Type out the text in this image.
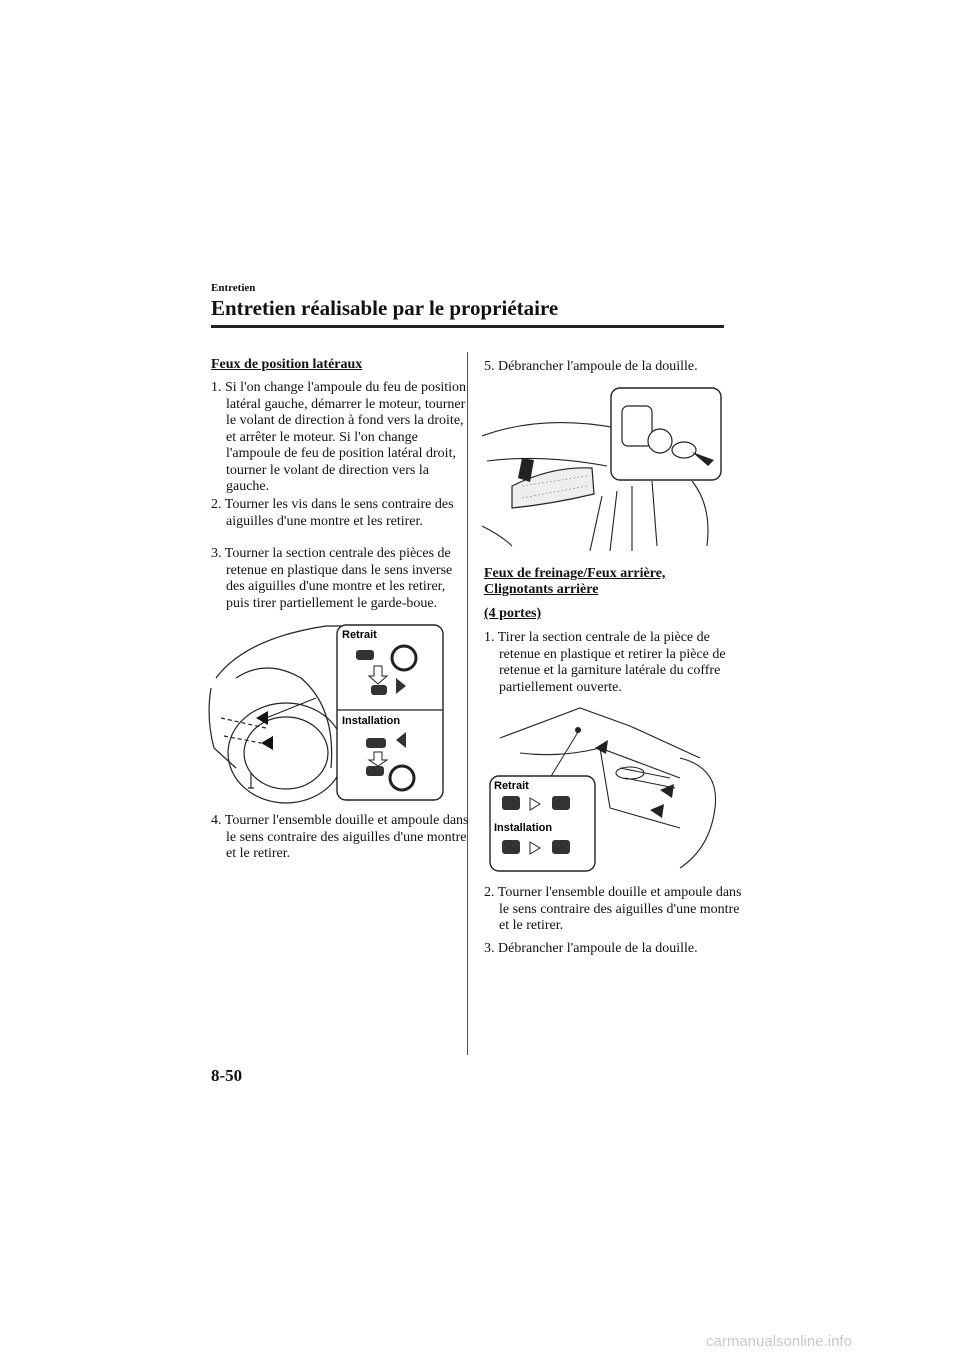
Entretien
Entretien réalisable par le propriétaire
Feux de position latéraux
1. Si l'on change l'ampoule du feu de position latéral gauche, démarrer le moteur, tourner le volant de direction à fond vers la droite, et arrêter le moteur. Si l'on change l'ampoule de feu de position latéral droit, tourner le volant de direction vers la gauche.
2. Tourner les vis dans le sens contraire des aiguilles d'une montre et les retirer.
3. Tourner la section centrale des pièces de retenue en plastique dans le sens inverse des aiguilles d'une montre et les retirer, puis tirer partiellement le garde-boue.
Retrait
Installation
4. Tourner l'ensemble douille et ampoule dans le sens contraire des aiguilles d'une montre et le retirer.
5. Débrancher l'ampoule de la douille.
Feux de freinage/Feux arrière,
Clignotants arrière
(4 portes)
1. Tirer la section centrale de la pièce de retenue en plastique et retirer la pièce de retenue et la garniture latérale du coffre partiellement ouverte.
Retrait
Installation
2. Tourner l'ensemble douille et ampoule dans le sens contraire des aiguilles d'une montre et le retirer.
3. Débrancher l'ampoule de la douille.
8-50
carmanualsonline.info
